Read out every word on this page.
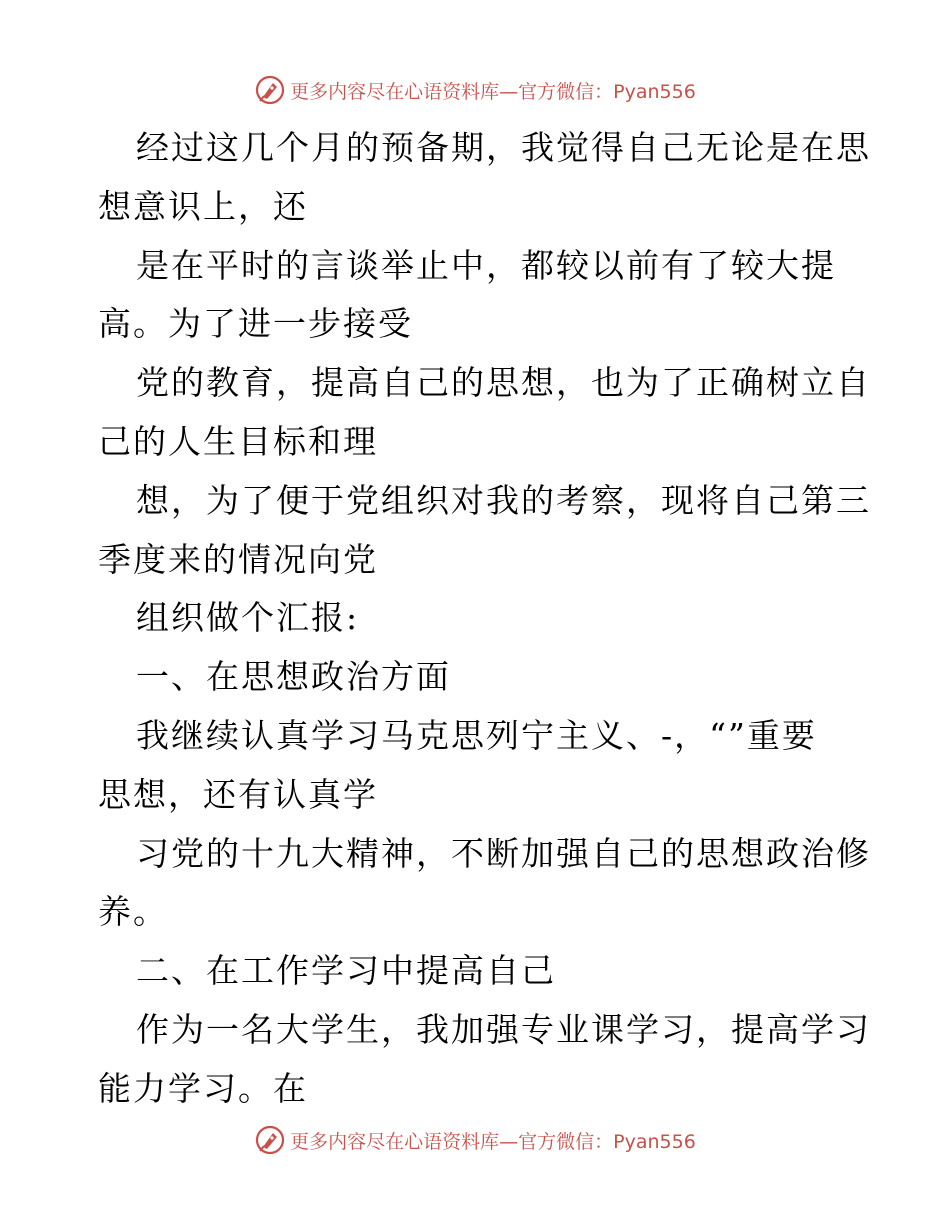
更多内容尽在心语资料库—官方微信：Pyan556
经过这几个月的预备期，我觉得自己无论是在思
想意识上，还
是在平时的言谈举止中，都较以前有了较大提
高。为了进一步接受
党的教育，提高自己的思想，也为了正确树立自
己的人生目标和理
想，为了便于党组织对我的考察，现将自己第三
季度来的情况向党
组织做个汇报:
一、在思想政治方面
我继续认真学习马克思列宁主义、-，“”重要
思想，还有认真学
习党的十九大精神，不断加强自己的思想政治修
养。
二、在工作学习中提高自己
作为一名大学生，我加强专业课学习，提高学习
能力学习。在
更多内容尽在心语资料库—官方微信：Pyan556
